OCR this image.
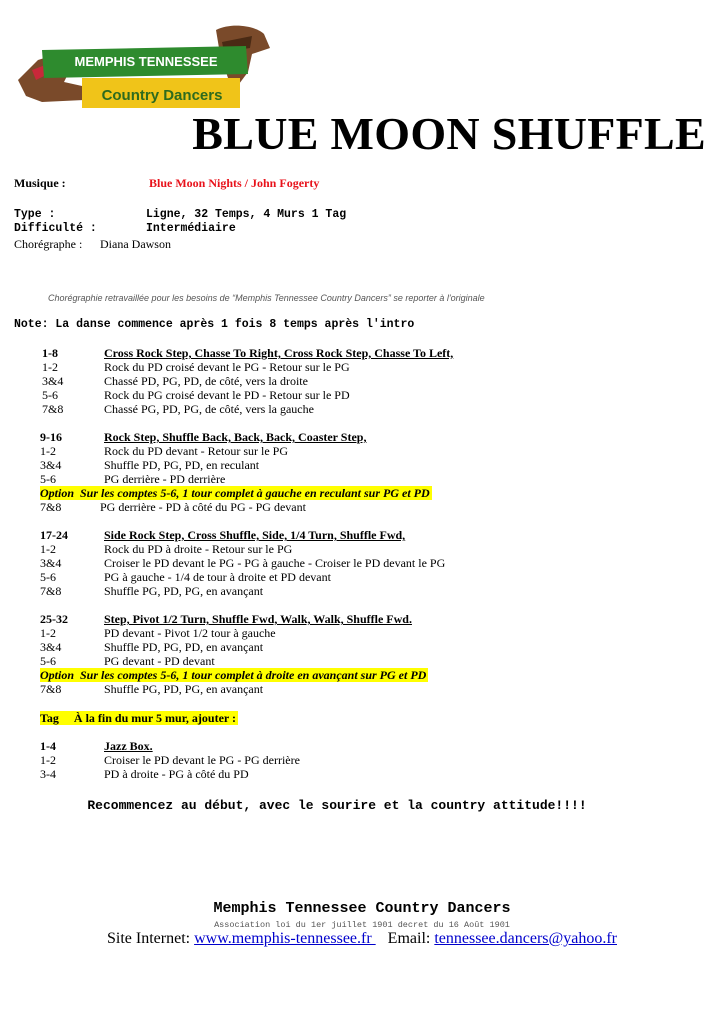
MEMPHIS TENNESSEE
Country Dancers
BLUE MOON SHUFFLE
Musique :	Blue Moon Nights / John Fogerty
Type :	Ligne, 32 Temps, 4 Murs 1 Tag
Difficulté :	Intermédiaire
Chorégraphe : Diana Dawson
Chorégraphie retravaillée pour les besoins de “Memphis Tennessee Country Dancers” se reporter à l'originale
Note: La danse commence après 1 fois 8 temps après l'intro
1-8	Cross Rock Step, Chasse To Right, Cross Rock Step, Chasse To Left,
1-2	Rock du PD croisé devant le PG - Retour sur le PG
3&4	Chassé PD, PG, PD, de côté, vers la droite
5-6	Rock du PG croisé devant le PD - Retour sur le PD
7&8	Chassé PG, PD, PG, de côté, vers la gauche
9-16	Rock Step, Shuffle Back, Back, Back, Coaster Step,
1-2	Rock du PD devant - Retour sur le PG
3&4	Shuffle PD, PG, PD, en reculant
5-6	PG derrière - PD derrière
Option  Sur les comptes 5-6, 1 tour complet à gauche en reculant sur PG et PD
7&8	PG derrière - PD à côté du PG - PG devant
17-24	Side Rock Step, Cross Shuffle, Side, 1/4 Turn, Shuffle Fwd,
1-2	Rock du PD à droite - Retour sur le PG
3&4	Croiser le PD devant le PG - PG à gauche - Croiser le PD devant le PG
5-6	PG à gauche - 1/4 de tour à droite et PD devant
7&8	Shuffle PG, PD, PG, en avançant
25-32	Step, Pivot 1/2 Turn, Shuffle Fwd, Walk, Walk, Shuffle Fwd.
1-2	PD devant - Pivot 1/2 tour à gauche
3&4	Shuffle PD, PG, PD, en avançant
5-6	PG devant - PD devant
Option  Sur les comptes 5-6, 1 tour complet à droite en avançant sur PG et PD
7&8	Shuffle PG, PD, PG, en avançant
Tag     À la fin du mur 5 mur, ajouter :
1-4	Jazz Box.
1-2	Croiser le PD devant le PG - PG derrière
3-4	PD à droite - PG à côté du PD
Recommencez au début, avec le sourire et la country attitude!!!!
Memphis Tennessee Country Dancers
Association loi du 1er juillet 1901 decret du 16 Août 1901
Site Internet: www.memphis-tennessee.fr    Email: tennessee.dancers@yahoo.fr
